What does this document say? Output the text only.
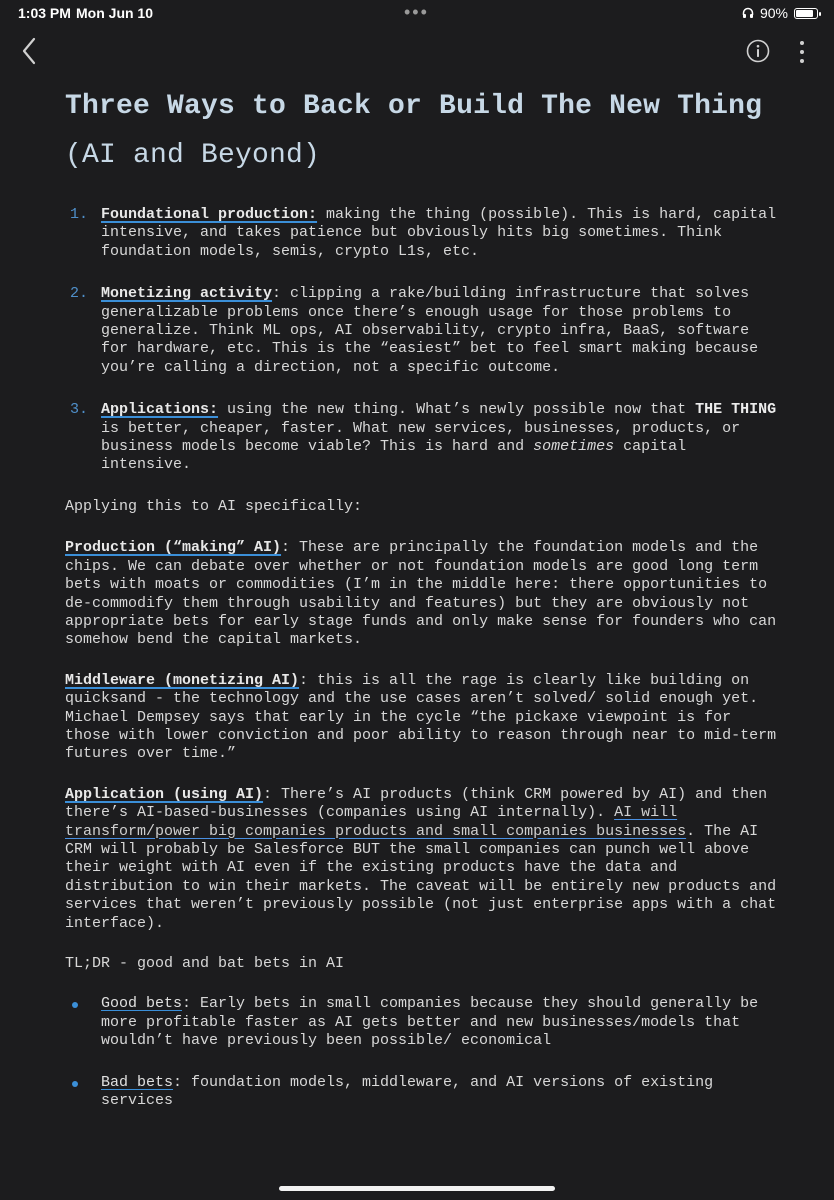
1:03 PM Mon Jun 10	•••	90%
Three Ways to Back or Build The New Thing (AI and Beyond)
1. Foundational production: making the thing (possible). This is hard, capital intensive, and takes patience but obviously hits big sometimes. Think foundation models, semis, crypto L1s, etc.
2. Monetizing activity: clipping a rake/building infrastructure that solves generalizable problems once there’s enough usage for those problems to generalize. Think ML ops, AI observability, crypto infra, BaaS, software for hardware, etc. This is the “easiest” bet to feel smart making because you’re calling a direction, not a specific outcome.
3. Applications: using the new thing. What’s newly possible now that THE THING is better, cheaper, faster. What new services, businesses, products, or business models become viable? This is hard and sometimes capital intensive.

Applying this to AI specifically:

Production (“making” AI): These are principally the foundation models and the chips. We can debate over whether or not foundation models are good long term bets with moats or commodities (I’m in the middle here: there opportunities to de-commodify them through usability and features) but they are obviously not appropriate bets for early stage funds and only make sense for founders who can somehow bend the capital markets.

Middleware (monetizing AI): this is all the rage is clearly like building on quicksand - the technology and the use cases aren’t solved/ solid enough yet. Michael Dempsey says that early in the cycle “the pickaxe viewpoint is for those with lower conviction and poor ability to reason through near to mid-term futures over time.”

Application (using AI): There’s AI products (think CRM powered by AI) and then there’s AI-based-businesses (companies using AI internally). AI will transform/power big companies products and small companies businesses. The AI CRM will probably be Salesforce BUT the small companies can punch well above their weight with AI even if the existing products have the data and distribution to win their markets. The caveat will be entirely new products and services that weren’t previously possible (not just enterprise apps with a chat interface).

TL;DR - good and bat bets in AI

Good bets: Early bets in small companies because they should generally be more profitable faster as AI gets better and new businesses/models that wouldn’t have previously been possible/ economical
Bad bets: foundation models, middleware, and AI versions of existing services
